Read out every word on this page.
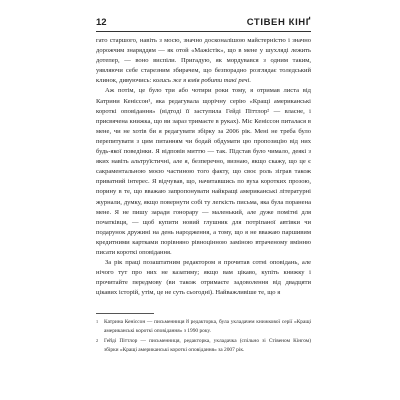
12	СТІВЕН КІНҐ

гато старшого, навіть з мосю, значно досконалішою майстерністю і значно дорожчим знаряддям — як отой «Мажістік», що в мене у шухляді лежить дотепер, — воно виспіли. Пригадую, як мордувався з одним таким, уявляючи себе старезним збирачем, що безпорадно розглядає толедський клинок, дивуючись: колись же я вмів робити такі речі.

Аж потім, це було три або чотири роки тому, я отримав листа від Катрини Кеніссон¹, яка редагувала щорічну серію «Кращі американські короткі оповідання» (відтоді її заступила Гейді Піттлор² — власне, і присвячена книжка, що ви зараз тримаєте в руках). Міс Кеніссон питалася в мене, чи не хотів би я редагувати збірку за 2006 рік. Мені не треба було перепитувати з цим питанням чи бодай обдумати цю пропозицію від них будь-якої поведінки. Я відповів миттю — так. Підстав було чимало, деякі з яких навіть альтруїстичні, але я, безперечно, визнаю, якщо скажу, що це є сакраментальною моєю частиною того факту, що своє роль зіграв також приватний інтерес. Я відчував, що, начитавшись по вуха коротких прозою, порину в те, що вважаю запропонувати найкращі американські літературні журнали, думку, якщо повернути собі ту легкість письма, яка була поранена мене. Я не пишу заради гонорару — маленький, але дуже помітні для початківця, — щоб купити новий глушник для потріпаної автівки чи подарунок дружині на день народження, а тому, що я не вважаю паршивим кредитними картками порівняно рівноцінною заміною втраченому вмінню писати короткі оповідання.

За рік праці позаштатним редактором я прочитав сотні оповідань, але нічого тут про них не казатиму; якщо вам цікаво, купіть книжку і прочитайте передмову (ви також отримаєте задоволення від двадцяти цікавих історій, утім, це не суть сьогодні). Найважливіше те, що я

1 Катрина Кеніссон — письменниця й редакторка, була укладачем книжкової серії «Кращі американські короткі оповідання» з 1990 року.

2 Гейді Піттлор — письменниця, редакторка, укладачка (спільно зі Стівеном Кінгом) збірки «Кращі американські короткі оповідання» за 2007 рік.
